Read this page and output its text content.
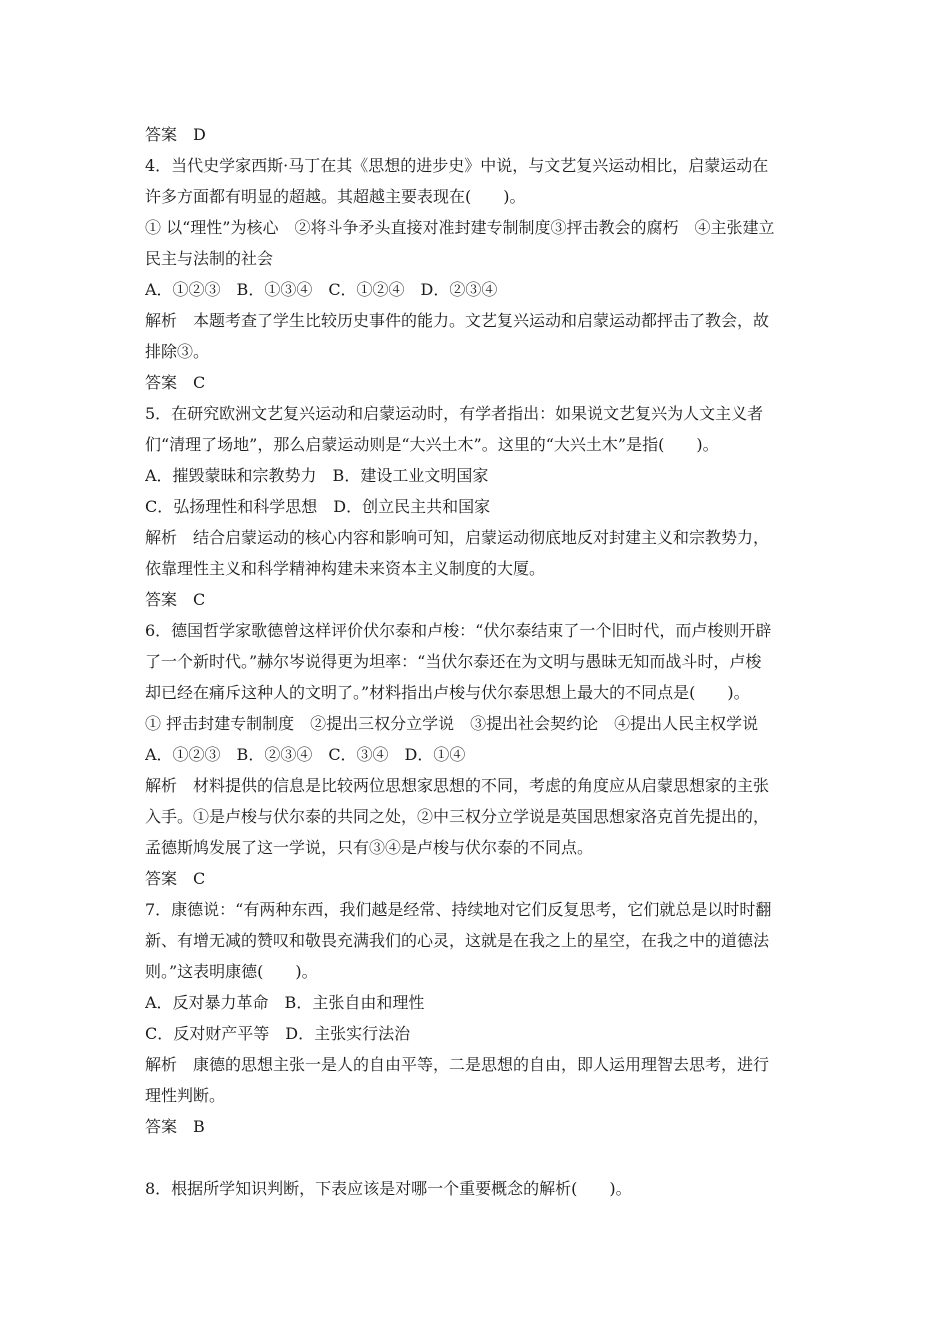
答案　D
4．当代史学家西斯·马丁在其《思想的进步史》中说，与文艺复兴运动相比，启蒙运动在
许多方面都有明显的超越。其超越主要表现在(　　)。
① 以“理性”为核心　②将斗争矛头直接对准封建专制制度③抨击教会的腐朽　④主张建立
民主与法制的社会
A．①②③　B．①③④　C．①②④　D．②③④
解析　本题考查了学生比较历史事件的能力。文艺复兴运动和启蒙运动都抨击了教会，故
排除③。
答案　C
5．在研究欧洲文艺复兴运动和启蒙运动时，有学者指出：如果说文艺复兴为人文主义者
们“清理了场地”，那么启蒙运动则是“大兴土木”。这里的“大兴土木”是指(　　)。
A．摧毁蒙昧和宗教势力　B．建设工业文明国家
C．弘扬理性和科学思想　D．创立民主共和国家
解析　结合启蒙运动的核心内容和影响可知，启蒙运动彻底地反对封建主义和宗教势力，
依靠理性主义和科学精神构建未来资本主义制度的大厦。
答案　C
6．德国哲学家歌德曾这样评价伏尔泰和卢梭：“伏尔泰结束了一个旧时代，而卢梭则开辟
了一个新时代。”赫尔岑说得更为坦率：“当伏尔泰还在为文明与愚昧无知而战斗时，卢梭
却已经在痛斥这种人的文明了。”材料指出卢梭与伏尔泰思想上最大的不同点是(　　)。
① 抨击封建专制制度　②提出三权分立学说　③提出社会契约论　④提出人民主权学说
A．①②③　B．②③④　C．③④　D．①④
解析　材料提供的信息是比较两位思想家思想的不同，考虑的角度应从启蒙思想家的主张
入手。①是卢梭与伏尔泰的共同之处，②中三权分立学说是英国思想家洛克首先提出的，
孟德斯鸠发展了这一学说，只有③④是卢梭与伏尔泰的不同点。
答案　C
7．康德说：“有两种东西，我们越是经常、持续地对它们反复思考，它们就总是以时时翻
新、有增无减的赞叹和敬畏充满我们的心灵，这就是在我之上的星空，在我之中的道德法
则。”这表明康德(　　)。
A．反对暴力革命　B．主张自由和理性
C．反对财产平等　D．主张实行法治
解析　康德的思想主张一是人的自由平等，二是思想的自由，即人运用理智去思考，进行
理性判断。
答案　B
8．根据所学知识判断，下表应该是对哪一个重要概念的解析(　　)。
